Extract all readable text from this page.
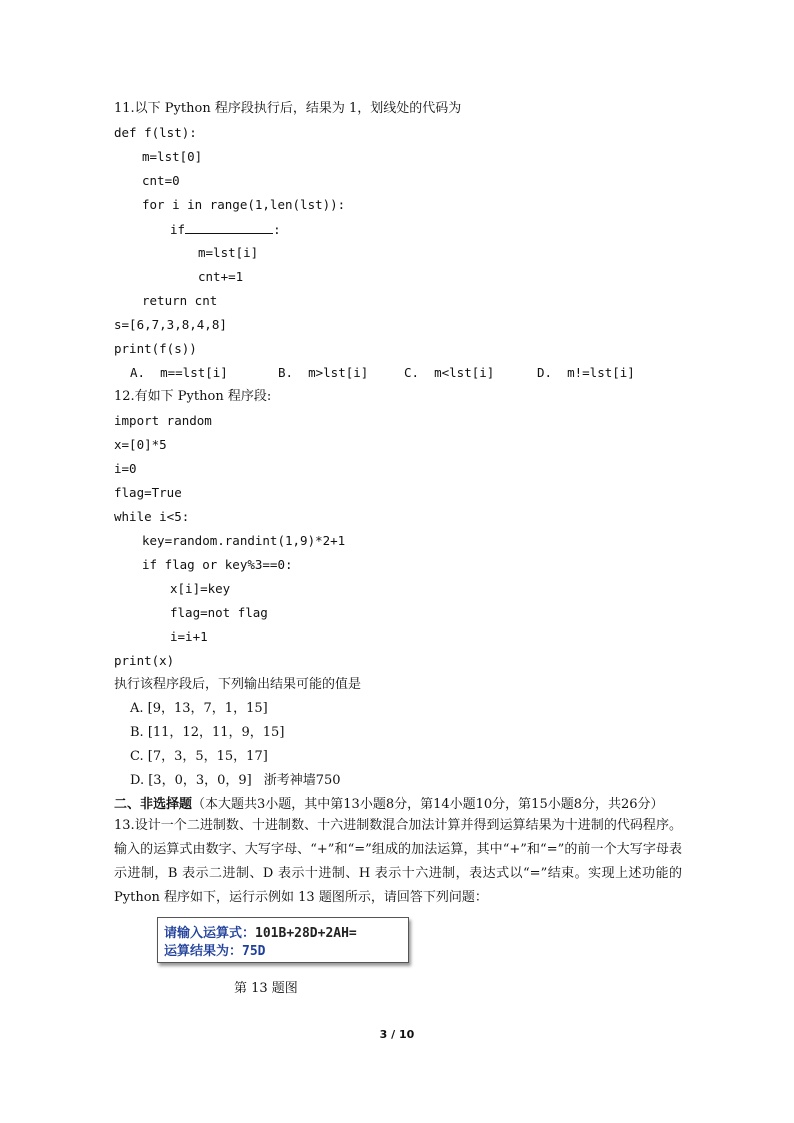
11.以下 Python 程序段执行后，结果为 1，划线处的代码为
def f(lst):
m=lst[0]
cnt=0
for i in range(1,len(lst)):
if	:
m=lst[i]
cnt+=1
return cnt
s=[6,7,3,8,4,8]
print(f(s))
A.  m==lst[i]	B.  m>lst[i]	C.  m<lst[i]	D.  m!=lst[i]
12.有如下 Python 程序段:
import random
x=[0]*5
i=0
flag=True
while i<5:
key=random.randint(1,9)*2+1
if flag or key%3==0:
x[i]=key
flag=not flag
i=i+1
print(x)
执行该程序段后，下列输出结果可能的值是
A. [9，13，7，1，15]
B. [11，12，11，9，15]
C. [7，3，5，15，17]
D. [3，0，3，0，9] 浙考神墙750
二、非选择题（本大题共3小题，其中第13小题8分，第14小题10分，第15小题8分，共26分）
13.设计一个二进制数、十进制数、十六进制数混合加法计算并得到运算结果为十进制的代码程序。输入的运算式由数字、大写字母、“+”和“=”组成的加法运算，其中“+”和“=”的前一个大写字母表示进制，B 表示二进制、D 表示十进制、H 表示十六进制，表达式以“=”结束。实现上述功能的 Python 程序如下，运行示例如 13 题图所示，请回答下列问题：
请输入运算式：101B+28D+2AH=
运算结果为：75D
第 13 题图
3 / 10
